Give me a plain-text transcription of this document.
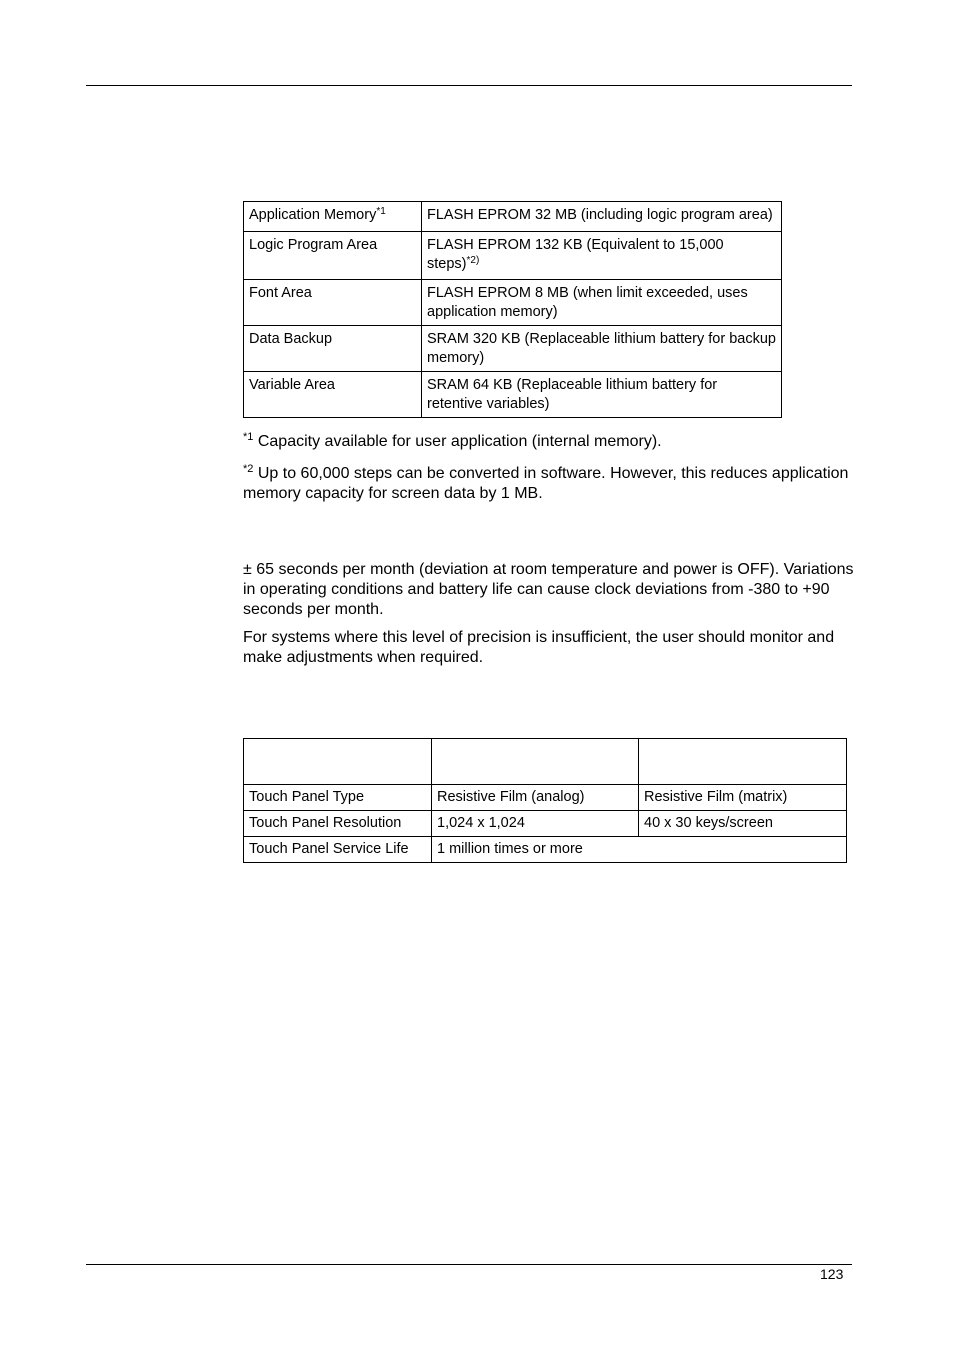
Application Memory$^{*1}$	FLASH EPROM 32 MB (including logic program area)
Logic Program Area	FLASH EPROM 132 KB (Equivalent to 15,000 steps)$^{*2)}$
Font Area	FLASH EPROM 8 MB (when limit exceeded, uses application memory)
Data Backup	SRAM 320 KB (Replaceable lithium battery for backup memory)
Variable Area	SRAM 64 KB (Replaceable lithium battery for retentive variables)

$^{*1}$ Capacity available for user application (internal memory).

$^{*2}$ Up to 60,000 steps can be converted in software. However, this reduces application memory capacity for screen data by 1 MB.

± 65 seconds per month (deviation at room temperature and power is OFF). Variations in operating conditions and battery life can cause clock deviations from -380 to +90 seconds per month.

For systems where this level of precision is insufficient, the user should monitor and make adjustments when required.

Touch Panel Type	Resistive Film (analog)	Resistive Film (matrix)
Touch Panel Resolution	1,024 x 1,024	40 x 30 keys/screen
Touch Panel Service Life	1 million times or more	
123
